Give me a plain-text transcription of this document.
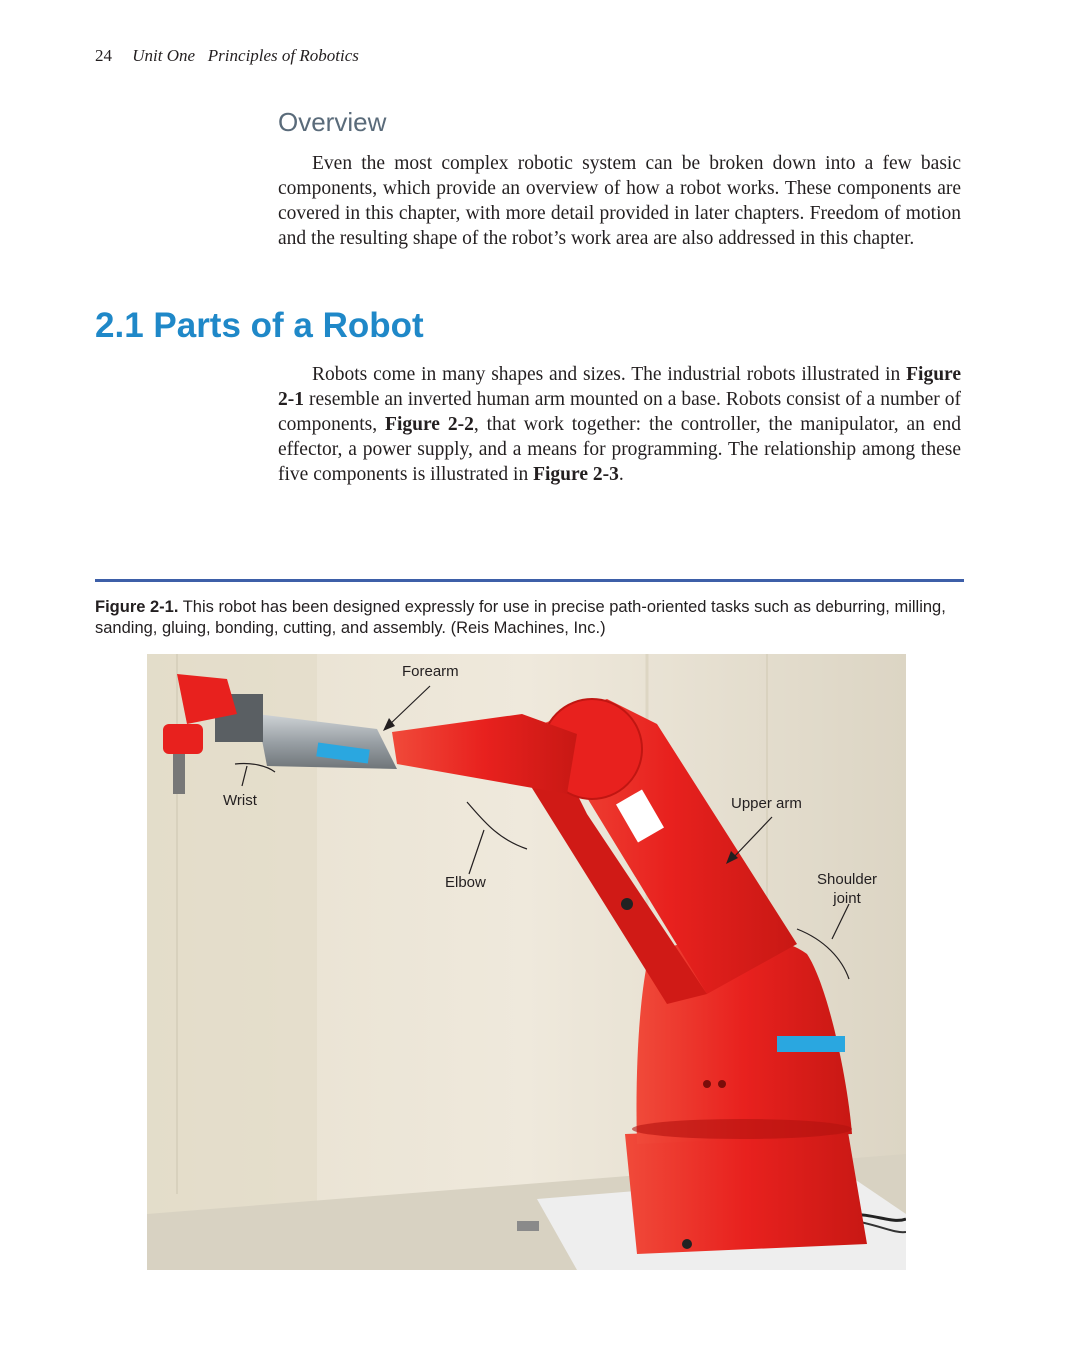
24 Unit One   Principles of Robotics
Overview

Even the most complex robotic system can be broken down into a few basic components, which provide an overview of how a robot works. These components are covered in this chapter, with more detail provided in later chapters. Freedom of motion and the resulting shape of the robot’s work area are also addressed in this chapter.

2.1 Parts of a Robot

Robots come in many shapes and sizes. The industrial robots illustrated in Figure 2-1 resemble an inverted human arm mounted on a base. Robots consist of a number of components, Figure 2-2, that work together: the controller, the manipulator, an end effector, a power supply, and a means for programming. The relationship among these five components is illustrated in Figure 2-3.

Figure 2-1. This robot has been designed expressly for use in precise path-oriented tasks such as deburring, milling, sanding, gluing, bonding, cutting, and assembly. (Reis Machines, Inc.)
Forearm
Wrist	Upper arm
Elbow	Shoulder
joint
